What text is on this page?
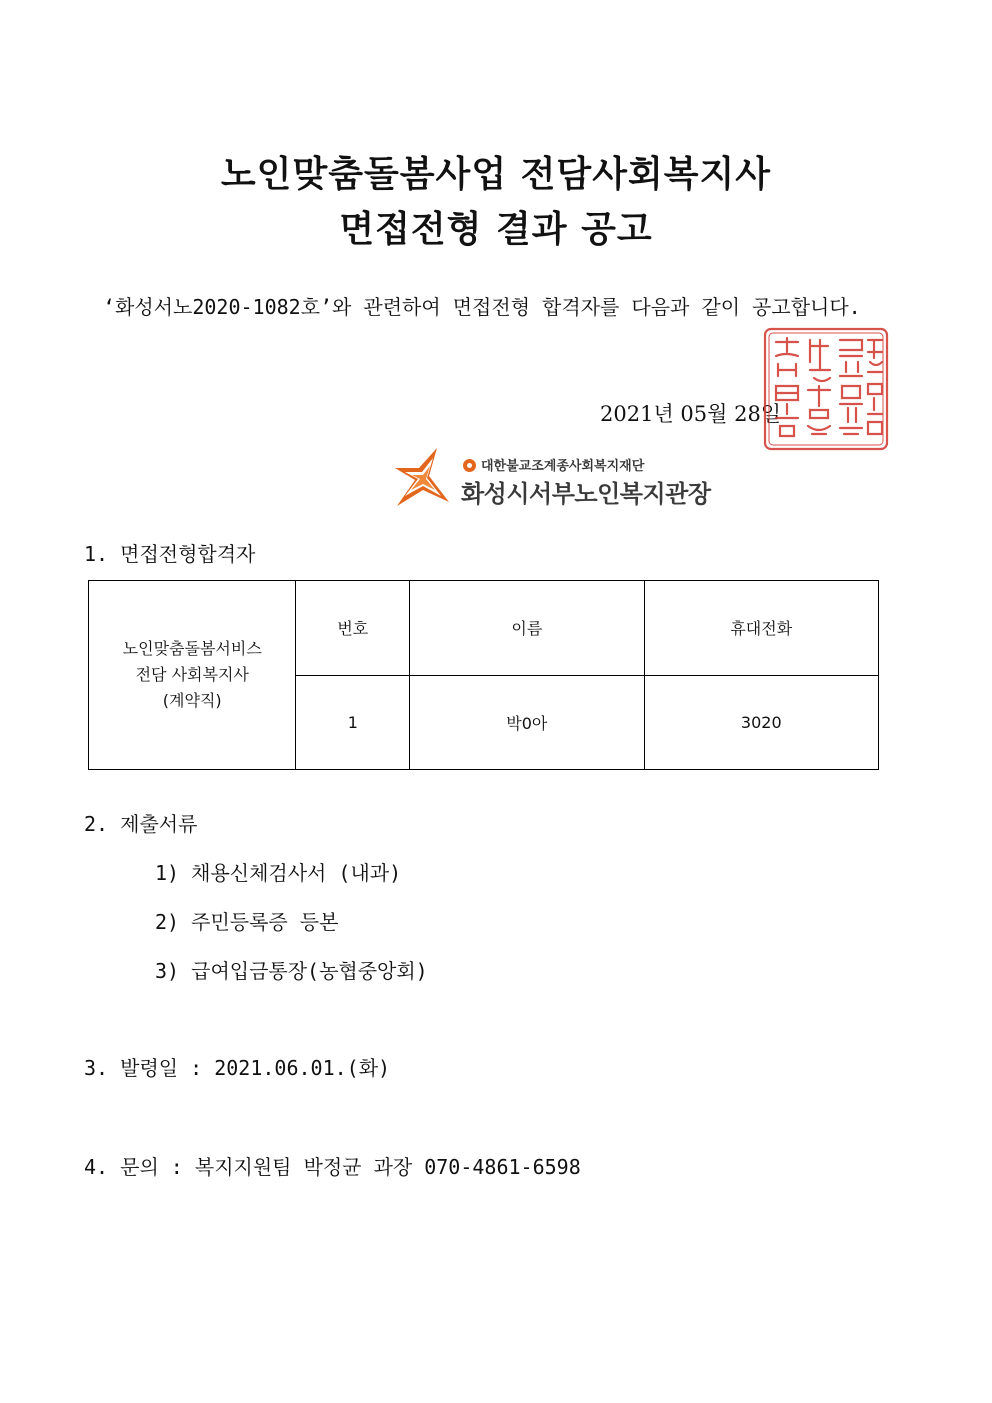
노인맞춤돌봄사업 전담사회복지사
면접전형 결과 공고
‘화성서노2020-1082호’와 관련하여 면접전형 합격자를 다음과 같이 공고합니다.
2021년 05월 28일
대한불교조계종사회복지재단
화성시서부노인복지관장
1. 면접전형합격자
노인맞춤돌봄서비스
전담 사회복지사
(계약직)	번호	이름	휴대전화
	1	박0아	3020
2. 제출서류
1) 채용신체검사서 (내과)
2) 주민등록증 등본
3) 급여입금통장(농협중앙회)
3. 발령일 : 2021.06.01.(화)
4. 문의 : 복지지원팀 박정균 과장 070-4861-6598
